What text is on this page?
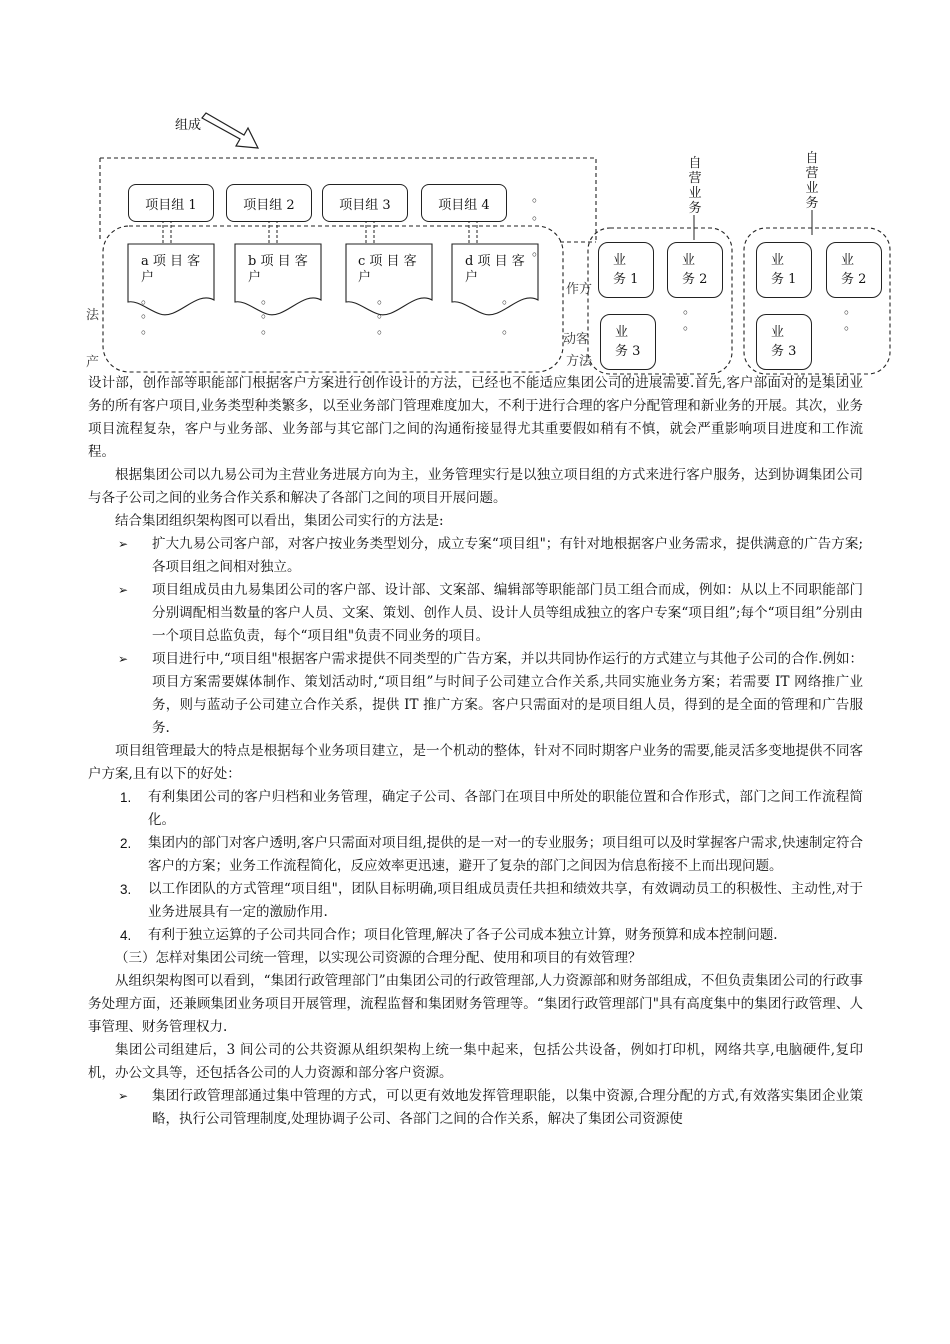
组成
项目组 1	项目组 2	项目组 3	项目组 4	。
。
。
a 项 目 客
户
b 项 目 客
户
c 项 目 客
户
d 项 目 客
户
。
。
。
。
。
。
。
。
。
。
。
法
产
作方
动客
方法
自营业务
自营业务
业
务 1
业
务 2
业
务 3
。
。
业
务 1
业
务 2
业
务 3
。
。

设计部，创作部等职能部门根据客户方案进行创作设计的方法，已经也不能适应集团公司的进展需要.首先,客户部面对的是集团业务的所有客户项目,业务类型种类繁多，以至业务部门管理难度加大，不利于进行合理的客户分配管理和新业务的开展。其次，业务项目流程复杂，客户与业务部、业务部与其它部门之间的沟通衔接显得尤其重要假如稍有不慎，就会严重影响项目进度和工作流程。

根据集团公司以九易公司为主营业务进展方向为主，业务管理实行是以独立项目组的方式来进行客户服务，达到协调集团公司与各子公司之间的业务合作关系和解决了各部门之间的项目开展问题。

结合集团组织架构图可以看出，集团公司实行的方法是:

➢ 扩大九易公司客户部，对客户按业务类型划分，成立专案“项目组"；有针对地根据客户业务需求，提供满意的广告方案;各项目组之间相对独立。

➢ 项目组成员由九易集团公司的客户部、设计部、文案部、编辑部等职能部门员工组合而成，例如：从以上不同职能部门分别调配相当数量的客户人员、文案、策划、创作人员、设计人员等组成独立的客户专案“项目组”;每个“项目组”分别由一个项目总监负责，每个“项目组"负责不同业务的项目。

➢ 项目进行中,“项目组"根据客户需求提供不同类型的广告方案，并以共同协作运行的方式建立与其他子公司的合作.例如：项目方案需要媒体制作、策划活动时,“项目组”与时间子公司建立合作关系,共同实施业务方案；若需要 IT 网络推广业务，则与蓝动子公司建立合作关系，提供 IT 推广方案。客户只需面对的是项目组人员，得到的是全面的管理和广告服务.

项目组管理最大的特点是根据每个业务项目建立，是一个机动的整体，针对不同时期客户业务的需要,能灵活多变地提供不同客户方案,且有以下的好处：

1. 有利集团公司的客户归档和业务管理，确定子公司、各部门在项目中所处的职能位置和合作形式，部门之间工作流程简化。

2. 集团内的部门对客户透明,客户只需面对项目组,提供的是一对一的专业服务；项目组可以及时掌握客户需求,快速制定符合客户的方案；业务工作流程简化，反应效率更迅速，避开了复杂的部门之间因为信息衔接不上而出现问题。

3. 以工作团队的方式管理“项目组"，团队目标明确,项目组成员责任共担和绩效共享，有效调动员工的积极性、主动性,对于业务进展具有一定的激励作用.

4. 有利于独立运算的子公司共同合作；项目化管理,解决了各子公司成本独立计算，财务预算和成本控制问题.

（三）怎样对集团公司统一管理，以实现公司资源的合理分配、使用和项目的有效管理？

从组织架构图可以看到，“集团行政管理部门”由集团公司的行政管理部,人力资源部和财务部组成，不但负责集团公司的行政事务处理方面，还兼顾集团业务项目开展管理，流程监督和集团财务管理等。“集团行政管理部门"具有高度集中的集团行政管理、人事管理、财务管理权力.

集团公司组建后，3 间公司的公共资源从组织架构上统一集中起来，包括公共设备，例如打印机，网络共享,电脑硬件,复印机，办公文具等，还包括各公司的人力资源和部分客户资源。

➢ 集团行政管理部通过集中管理的方式，可以更有效地发挥管理职能，以集中资源,合理分配的方式,有效落实集团企业策略，执行公司管理制度,处理协调子公司、各部门之间的合作关系，解决了集团公司资源使
